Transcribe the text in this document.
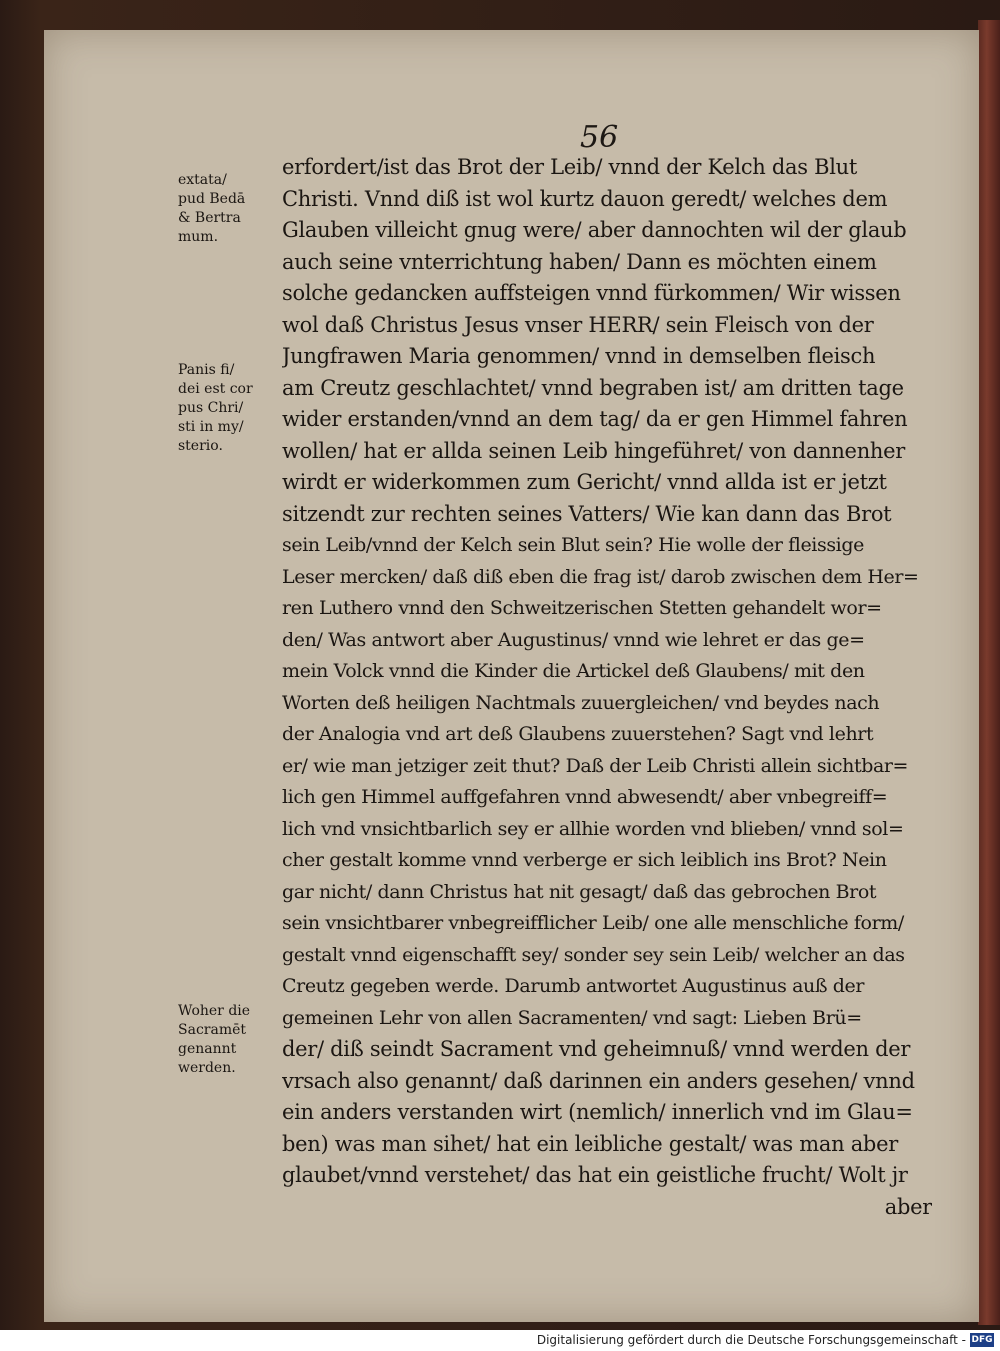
56
erfordert/ist das Brot der Leib/ vnnd der Kelch das Blut
Christi. Vnnd diß ist wol kurtz dauon geredt/ welches dem
Glauben villeicht gnug were/ aber dannochten wil der glaub
auch seine vnterrichtung haben/ Dann es möchten einem
solche gedancken auffsteigen vnnd fürkommen/ Wir wissen
wol daß Christus Jesus vnser HERR/ sein Fleisch von der
Jungfrawen Maria genommen/ vnnd in demselben fleisch
am Creutz geschlachtet/ vnnd begraben ist/ am dritten tage
wider erstanden/vnnd an dem tag/ da er gen Himmel fahren
wollen/ hat er allda seinen Leib hingeführet/ von dannenher
wirdt er widerkommen zum Gericht/ vnnd allda ist er jetzt
sitzendt zur rechten seines Vatters/ Wie kan dann das Brot
sein Leib/vnnd der Kelch sein Blut sein? Hie wolle der fleissige
Leser mercken/ daß diß eben die frag ist/ darob zwischen dem Her=
ren Luthero vnnd den Schweitzerischen Stetten gehandelt wor=
den/ Was antwort aber Augustinus/ vnnd wie lehret er das ge=
mein Volck vnnd die Kinder die Artickel deß Glaubens/ mit den
Worten deß heiligen Nachtmals zuuergleichen/ vnd beydes nach
der Analogia vnd art deß Glaubens zuuerstehen? Sagt vnd lehrt
er/ wie man jetziger zeit thut? Daß der Leib Christi allein sichtbar=
lich gen Himmel auffgefahren vnnd abwesendt/ aber vnbegreiff=
lich vnd vnsichtbarlich sey er allhie worden vnd blieben/ vnnd sol=
cher gestalt komme vnnd verberge er sich leiblich ins Brot? Nein
gar nicht/ dann Christus hat nit gesagt/ daß das gebrochen Brot
sein vnsichtbarer vnbegreifflicher Leib/ one alle menschliche form/
gestalt vnnd eigenschafft sey/ sonder sey sein Leib/ welcher an das
Creutz gegeben werde. Darumb antwortet Augustinus auß der
gemeinen Lehr von allen Sacramenten/ vnd sagt: Lieben Brü=
der/ diß seindt Sacrament vnd geheimnuß/ vnnd werden der
vrsach also genannt/ daß darinnen ein anders gesehen/ vnnd
ein anders verstanden wirt (nemlich/ innerlich vnd im Glau=
ben) was man sihet/ hat ein leibliche gestalt/ was man aber
glaubet/vnnd verstehet/ das hat ein geistliche frucht/ Wolt jr
aber
extata/
pud Bedā
& Bertra
mum.
Panis fi/
dei est cor
pus Chri/
sti in my/
sterio.
Woher die
Sacramēt
genannt
werden.
Digitalisierung gefördert durch die Deutsche Forschungsgemeinschaft - DFG
